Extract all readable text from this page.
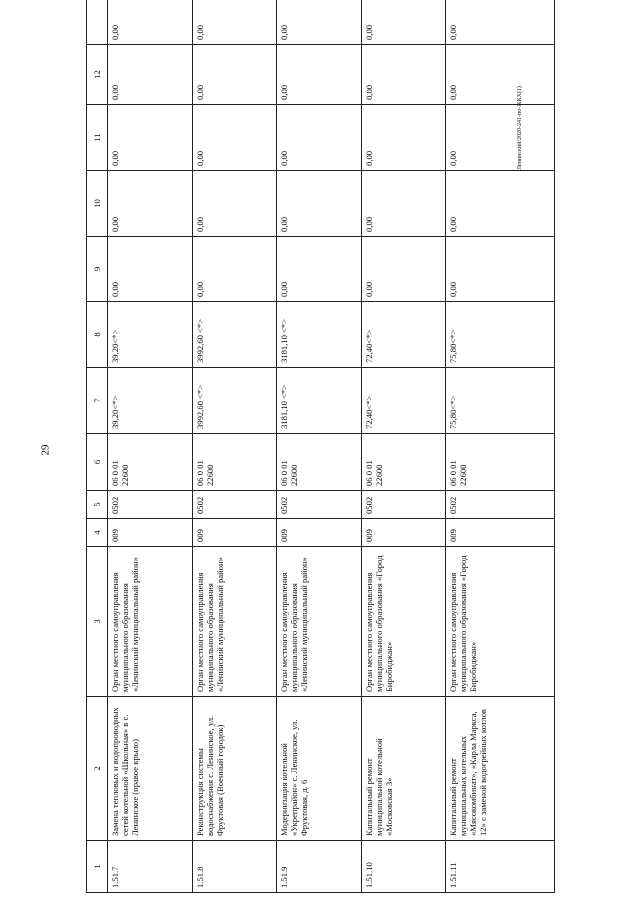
29
Ленинский/2020-241-по-ЖКХ(1)
1	2	3	4	5	6	7	8	9	10	11	12	
1.51.7	Замена тепловых и водопроводных сетей котельной «Школьная» в с. Ленинское (правое крыло)	Орган местного самоуправления муниципального образования «Ленинский муниципальный район»	009	0502	06 0 01 22600	39,20<*>	39,20<*>	0,00	0,00	0,00	0,00	0,00
1.51.8	Реконструкция системы водоснабжения с. Ленинское, ул. Фруктовая (Военный городок)	Орган местного самоуправления муниципального образования «Ленинский муниципальный район»	009	0502	06 0 01 22600	3992,60 <*>	3992,60 <*>	0,00	0,00	0,00	0,00	0,00
1.51.9	Модернизация котельной «Укрепрайон» с. Ленинское, ул. Фруктовая, д. 6	Орган местного самоуправления муниципального образования «Ленинский муниципальный район»	009	0502	06 0 01 22600	3181,10 <*>	3181,10 <*>	0,00	0,00	0,00	0,00	0,00
1.51.10	Капитальный ремонт муниципальной котельной «Московская 3»	Орган местного самоуправления муниципального образования «Город Биробиджан»	009	0502	06 0 01 22600	72,40<*>	72,40<*>	0,00	0,00	0,00	0,00	0,00
1.51.11	Капитальный ремонт муниципальных котельных «Мясокомбинат», «Карла Маркса, 12» с заменой водогрейных котлов	Орган местного самоуправления муниципального образования «Город Биробиджан»	009	0502	06 0 01 22600	75,80<*>	75,80<*>	0,00	0,00	0,00	0,00	0,00
